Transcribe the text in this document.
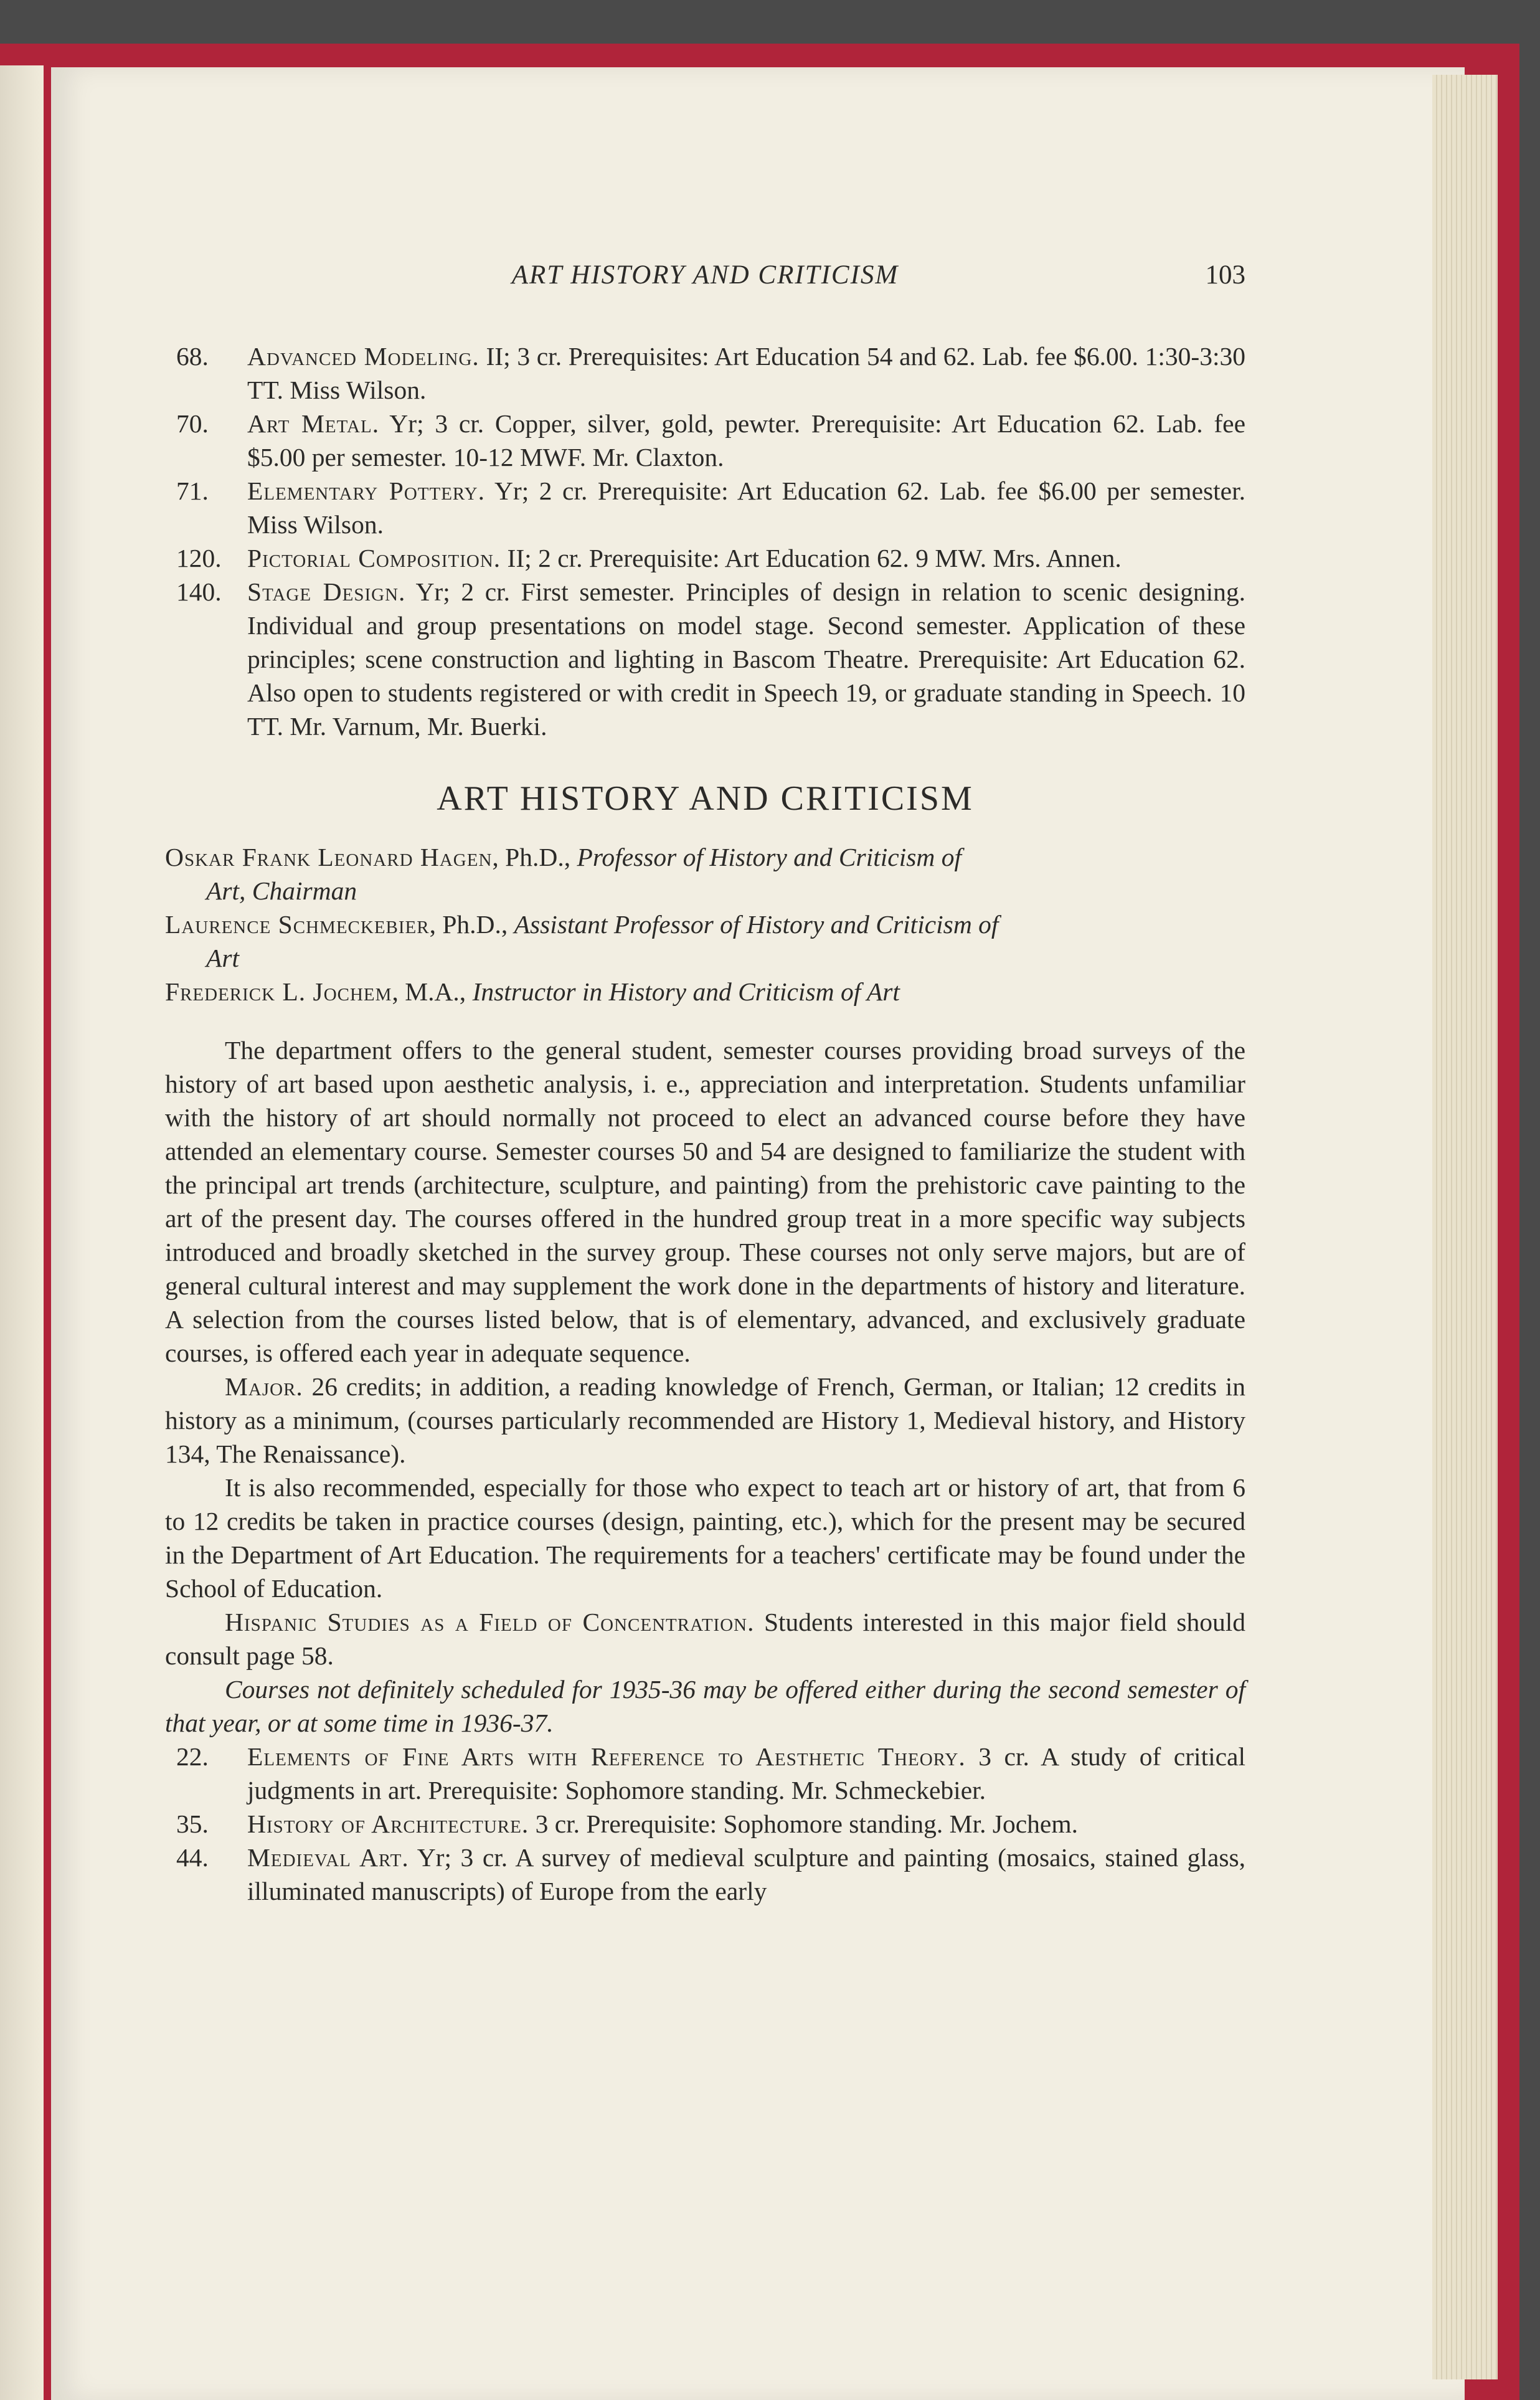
ART HISTORY AND CRITICISM	103
68. Advanced Modeling. II; 3 cr. Prerequisites: Art Education 54 and 62. Lab. fee $6.00. 1:30-3:30 TT. Miss Wilson.
70. Art Metal. Yr; 3 cr. Copper, silver, gold, pewter. Prerequisite: Art Education 62. Lab. fee $5.00 per semester. 10-12 MWF. Mr. Claxton.
71. Elementary Pottery. Yr; 2 cr. Prerequisite: Art Education 62. Lab. fee $6.00 per semester. Miss Wilson.
120. Pictorial Composition. II; 2 cr. Prerequisite: Art Education 62. 9 MW. Mrs. Annen.
140. Stage Design. Yr; 2 cr. First semester. Principles of design in relation to scenic designing. Individual and group presentations on model stage. Second semester. Application of these principles; scene construction and lighting in Bascom Theatre. Prerequisite: Art Education 62. Also open to students registered or with credit in Speech 19, or graduate standing in Speech. 10 TT. Mr. Varnum, Mr. Buerki.
ART HISTORY AND CRITICISM
Oskar Frank Leonard Hagen, Ph.D., Professor of History and Criticism of
Art, Chairman
Laurence Schmeckebier, Ph.D., Assistant Professor of History and Criticism of
Art
Frederick L. Jochem, M.A., Instructor in History and Criticism of Art
The department offers to the general student, semester courses providing broad surveys of the history of art based upon aesthetic analysis, i. e., appreciation and interpretation. Students unfamiliar with the history of art should normally not proceed to elect an advanced course before they have attended an elementary course. Semester courses 50 and 54 are designed to familiarize the student with the principal art trends (architecture, sculpture, and painting) from the prehistoric cave painting to the art of the present day. The courses offered in the hundred group treat in a more specific way subjects introduced and broadly sketched in the survey group. These courses not only serve majors, but are of general cultural interest and may supplement the work done in the departments of history and literature. A selection from the courses listed below, that is of elementary, advanced, and exclusively graduate courses, is offered each year in adequate sequence.
Major. 26 credits; in addition, a reading knowledge of French, German, or Italian; 12 credits in history as a minimum, (courses particularly recommended are History 1, Medieval history, and History 134, The Renaissance).
It is also recommended, especially for those who expect to teach art or history of art, that from 6 to 12 credits be taken in practice courses (design, painting, etc.), which for the present may be secured in the Department of Art Education. The requirements for a teachers' certificate may be found under the School of Education.
Hispanic Studies as a Field of Concentration. Students interested in this major field should consult page 58.
Courses not definitely scheduled for 1935-36 may be offered either during the second semester of that year, or at some time in 1936-37.
22. Elements of Fine Arts with Reference to Aesthetic Theory. 3 cr. A study of critical judgments in art. Prerequisite: Sophomore standing. Mr. Schmeckebier.
35. History of Architecture. 3 cr. Prerequisite: Sophomore standing. Mr. Jochem.
44. Medieval Art. Yr; 3 cr. A survey of medieval sculpture and painting (mosaics, stained glass, illuminated manuscripts) of Europe from the early
